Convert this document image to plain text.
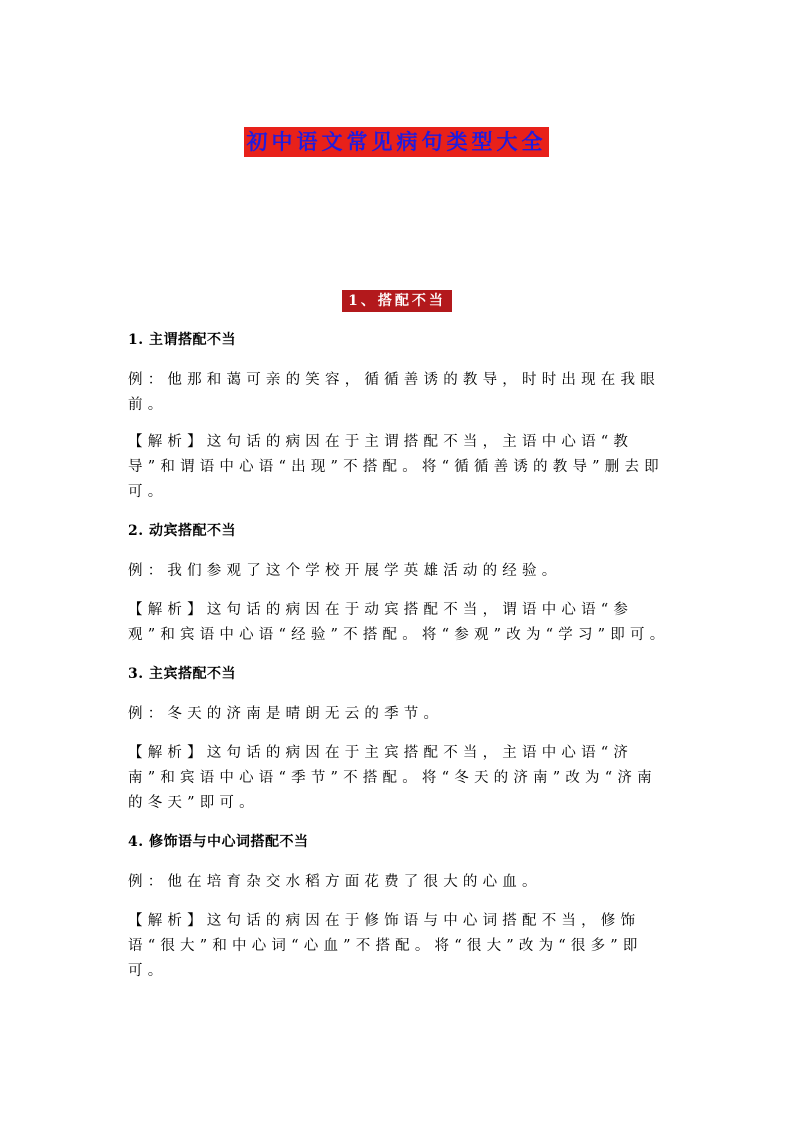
初中语文常见病句类型大全
1、搭配不当
1. 主谓搭配不当
例：他那和蔼可亲的笑容，循循善诱的教导，时时出现在我眼前。
【解析】这句话的病因在于主谓搭配不当，主语中心语“教导”和谓语中心语“出现”不搭配。将“循循善诱的教导”删去即可。
2. 动宾搭配不当
例：我们参观了这个学校开展学英雄活动的经验。
【解析】这句话的病因在于动宾搭配不当，谓语中心语“参观”和宾语中心语“经验”不搭配。将“参观”改为“学习”即可。
3. 主宾搭配不当
例：冬天的济南是晴朗无云的季节。
【解析】这句话的病因在于主宾搭配不当，主语中心语“济南”和宾语中心语“季节”不搭配。将“冬天的济南”改为“济南的冬天”即可。
4. 修饰语与中心词搭配不当
例：他在培育杂交水稻方面花费了很大的心血。
【解析】这句话的病因在于修饰语与中心词搭配不当，修饰语“很大”和中心词“心血”不搭配。将“很大”改为“很多”即可。
